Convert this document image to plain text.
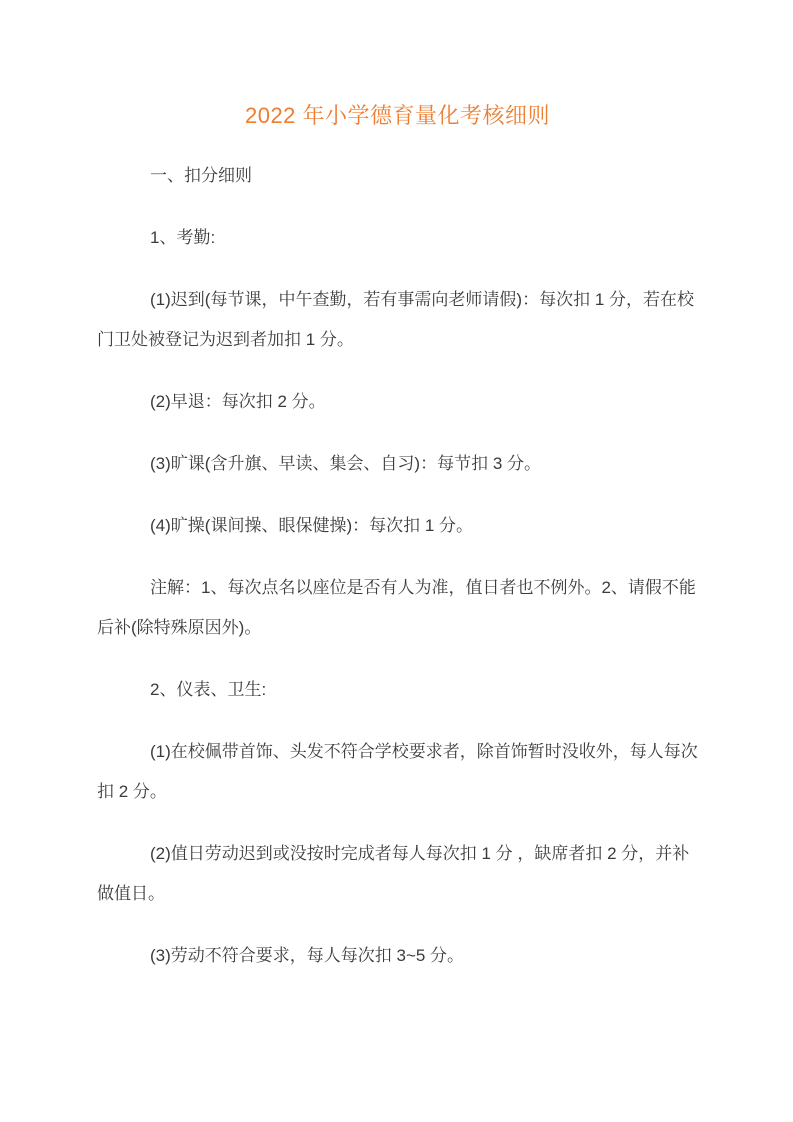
2022 年小学德育量化考核细则

一、扣分细则

1、考勤:

(1)迟到(每节课，中午查勤，若有事需向老师请假)：每次扣 1 分，若在校门卫处被登记为迟到者加扣 1 分。

(2)早退：每次扣 2 分。

(3)旷课(含升旗、早读、集会、自习)：每节扣 3 分。

(4)旷操(课间操、眼保健操)：每次扣 1 分。

注解：1、每次点名以座位是否有人为准，值日者也不例外。2、请假不能后补(除特殊原因外)。

2、仪表、卫生:

(1)在校佩带首饰、头发不符合学校要求者，除首饰暂时没收外，每人每次扣 2 分。

(2)值日劳动迟到或没按时完成者每人每次扣 1 分 ，缺席者扣 2 分，并补做值日。

(3)劳动不符合要求，每人每次扣 3~5 分。
